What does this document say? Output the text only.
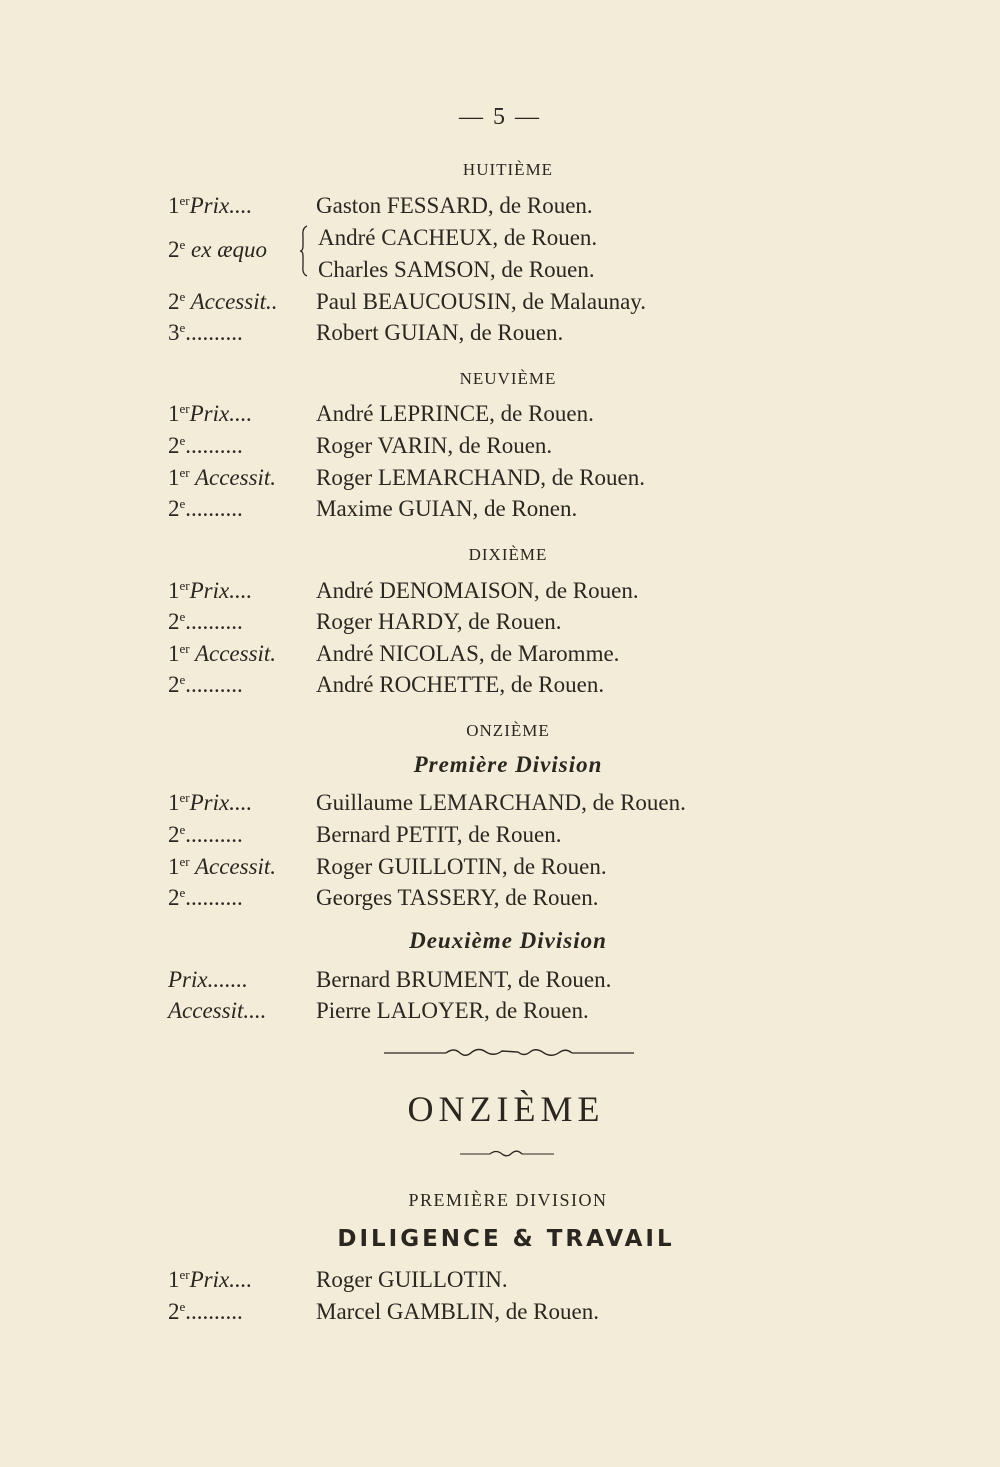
— 5 —
HUITIÈME
1erPrix....	Gaston FESSARD, de Rouen.
2e ex æquo André CACHEUX, de Rouen.
Charles SAMSON, de Rouen.
2e Accessit.. Paul BEAUCOUSIN, de Malaunay.
3e..........	Robert GUIAN, de Rouen.
NEUVIÈME
1erPrix....	André LEPRINCE, de Rouen.
2e..........	Roger VARIN, de Rouen.
1er Accessit. Roger LEMARCHAND, de Rouen.
2e..........	Maxime GUIAN, de Ronen.
DIXIÈME
1erPrix....	André DENOMAISON, de Rouen.
2e..........	Roger HARDY, de Rouen.
1er Accessit. André NICOLAS, de Maromme.
2e..........	André ROCHETTE, de Rouen.
ONZIÈME
Première Division
1erPrix....	Guillaume LEMARCHAND, de Rouen.
2e..........	Bernard PETIT, de Rouen.
1er Accessit. Roger GUILLOTIN, de Rouen.
2e..........	Georges TASSERY, de Rouen.
Deuxième Division
Prix.......	Bernard BRUMENT, de Rouen.
Accessit.... Pierre LALOYER, de Rouen.
ONZIÈME
PREMIÈRE DIVISION
DILIGENCE & TRAVAIL
1erPrix....	Roger GUILLOTIN.
2e..........	Marcel GAMBLIN, de Rouen.
